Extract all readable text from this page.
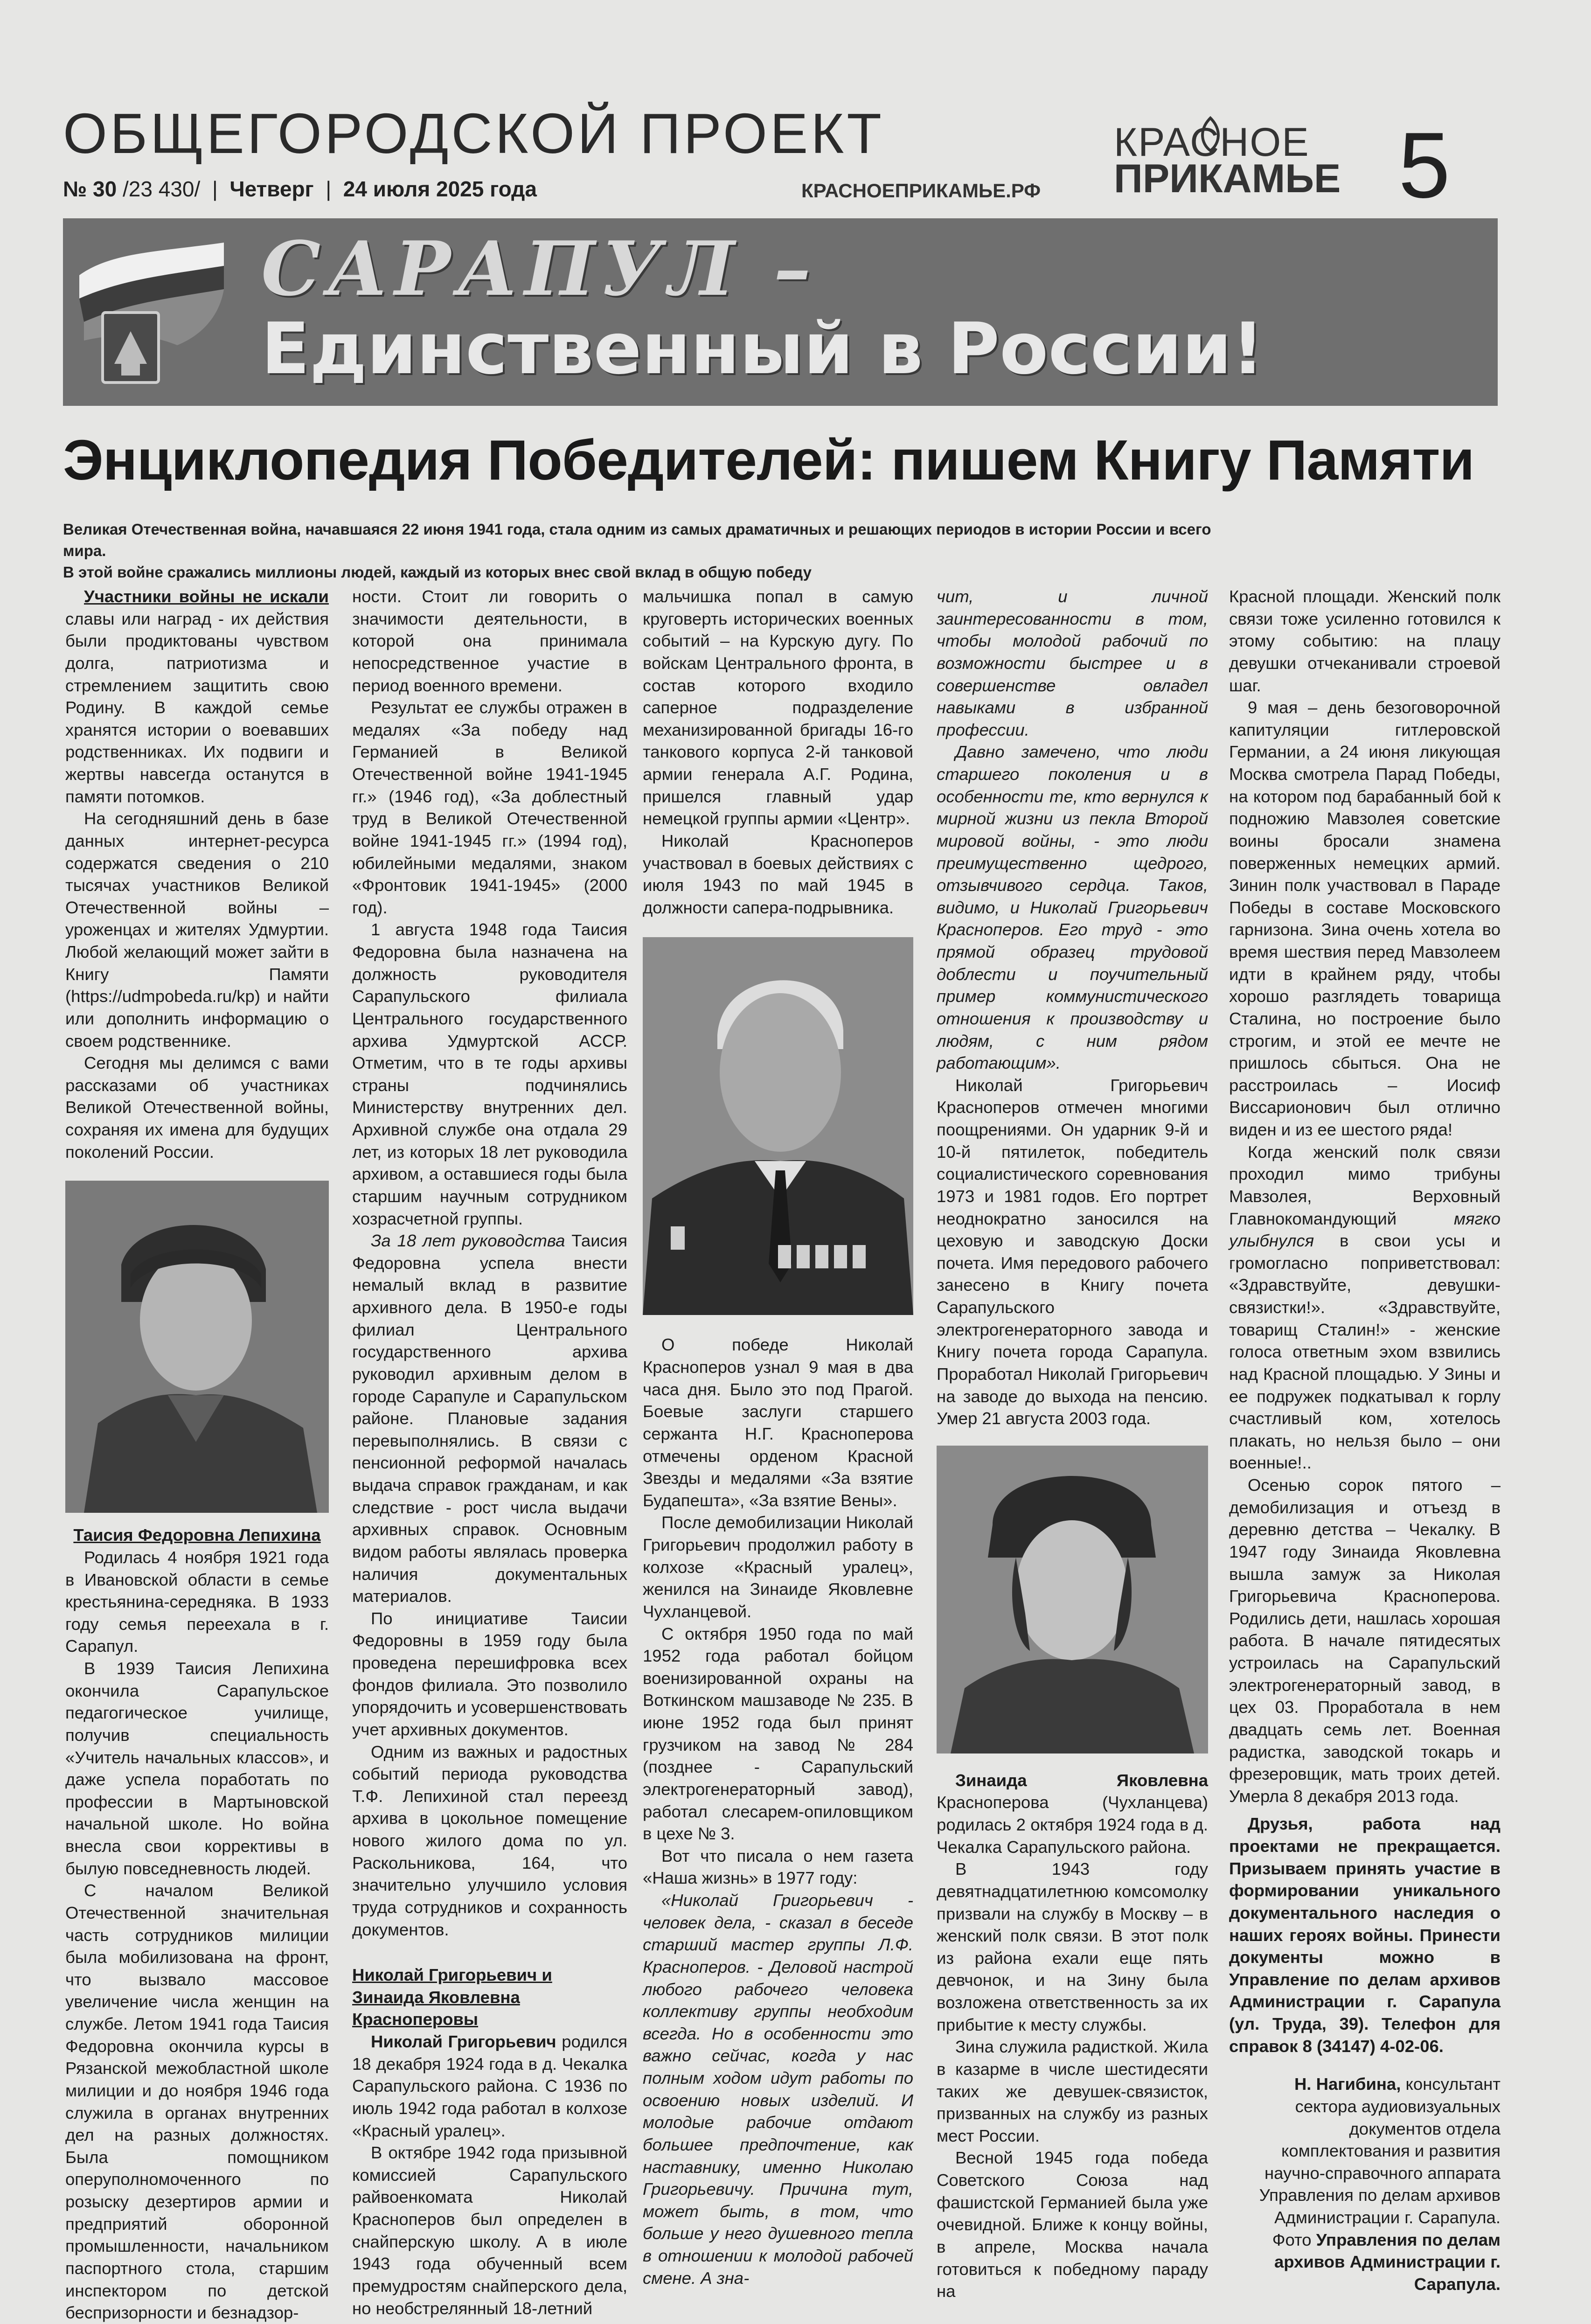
ОБЩЕГОРОДСКОЙ ПРОЕКТ
№ 30 /23 430/ | Четверг | 24 июля 2025 года	КРАСНОЕПРИКАМЬЕ.РФ
КРАСНОЕ
ПРИКАМЬЕ 5
САРАПУЛ –
Единственный в России!
Энциклопедия Победителей: пишем Книгу Памяти
Великая Отечественная война, начавшаяся 22 июня 1941 года, стала одним из самых драматичных и решающих периодов в истории России и всего мира.
В этой войне сражались миллионы людей, каждый из которых внес свой вклад в общую победу

Участники войны не искали славы или наград - их действия были продиктованы чувством долга, патриотизма и стремлением защитить свою Родину. В каждой семье хранятся истории о воевавших родственниках. Их подвиги и жертвы навсегда останутся в памяти потомков.

На сегодняшний день в базе данных интернет-ресурса содержатся сведения о 210 тысячах участников Великой Отечественной войны – уроженцах и жителях Удмуртии. Любой желающий может зайти в Книгу Памяти (https://udmpobeda.ru/kp) и найти или дополнить информацию о своем родственнике.

Сегодня мы делимся с вами рассказами об участниках Великой Отечественной войны, сохраняя их имена для будущих поколений России.

Таисия Федоровна Лепихина

Родилась 4 ноября 1921 года в Ивановской области в семье крестьянина-середняка. В 1933 году семья переехала в г. Сарапул.

В 1939 Таисия Лепихина окончила Сарапульское педагогическое училище, получив специальность «Учитель начальных классов», и даже успела поработать по профессии в Мартыновской начальной школе. Но война внесла свои коррективы в былую повседневность людей.

С началом Великой Отечественной значительная часть сотрудников милиции была мобилизована на фронт, что вызвало массовое увеличение числа женщин на службе. Летом 1941 года Таисия Федоровна окончила курсы в Рязанской межобластной школе милиции и до ноября 1946 года служила в органах внутренних дел на разных должностях. Была помощником оперуполномоченного по розыску дезертиров армии и предприятий оборонной промышленности, начальником паспортного стола, старшим инспектором по детской беспризорности и безнадзор-

ности. Стоит ли говорить о значимости деятельности, в которой она принимала непосредственное участие в период военного времени.

Результат ее службы отражен в медалях «За победу над Германией в Великой Отечественной войне 1941-1945 гг.» (1946 год), «За доблестный труд в Великой Отечественной войне 1941-1945 гг.» (1994 год), юбилейными медалями, знаком «Фронтовик 1941-1945» (2000 год).

1 августа 1948 года Таисия Федоровна была назначена на должность руководителя Сарапульского филиала Центрального государственного архива Удмуртской АССР. Отметим, что в те годы архивы страны подчинялись Министерству внутренних дел. Архивной службе она отдала 29 лет, из которых 18 лет руководила архивом, а оставшиеся годы была старшим научным сотрудником хозрасчетной группы.

За 18 лет руководства Таисия Федоровна успела внести немалый вклад в развитие архивного дела. В 1950-е годы филиал Центрального государственного архива руководил архивным делом в городе Сарапуле и Сарапульском районе. Плановые задания перевыполнялись. В связи с пенсионной реформой началась выдача справок гражданам, и как следствие - рост числа выдачи архивных справок. Основным видом работы являлась проверка наличия документальных материалов.

По инициативе Таисии Федоровны в 1959 году была проведена перешифровка всех фондов филиала. Это позволило упорядочить и усовершенствовать учет архивных документов.

Одним из важных и радостных событий периода руководства Т.Ф. Лепихиной стал переезд архива в цокольное помещение нового жилого дома по ул. Раскольникова, 164, что значительно улучшило условия труда сотрудников и сохранность документов.

Николай Григорьевич и Зинаида Яковлевна Красноперовы

Николай Григорьевич родился 18 декабря 1924 года в д. Чекалка Сарапульского района. С 1936 по июль 1942 года работал в колхозе «Красный уралец».

В октябре 1942 года призывной комиссией Сарапульского райвоенкомата Николай Красноперов был определен в снайперскую школу. А в июле 1943 года обученный всем премудростям снайперского дела, но необстрелянный 18-летний

мальчишка попал в самую круговерть исторических военных событий – на Курскую дугу. По войскам Центрального фронта, в состав которого входило саперное подразделение механизированной бригады 16-го танкового корпуса 2-й танковой армии генерала А.Г. Родина, пришелся главный удар немецкой группы армии «Центр».

Николай Красноперов участвовал в боевых действиях с июля 1943 по май 1945 в должности сапера-подрывника.

О победе Николай Красноперов узнал 9 мая в два часа дня. Было это под Прагой. Боевые заслуги старшего сержанта Н.Г. Красноперова отмечены орденом Красной Звезды и медалями «За взятие Будапешта», «За взятие Вены».

После демобилизации Николай Григорьевич продолжил работу в колхозе «Красный уралец», женился на Зинаиде Яковлевне Чухланцевой.

С октября 1950 года по май 1952 года работал бойцом военизированной охраны на Воткинском машзаводе № 235. В июне 1952 года был принят грузчиком на завод № 284 (позднее - Сарапульский электрогенераторный завод), работал слесарем-опиловщиком в цехе № 3.

Вот что писала о нем газета «Наша жизнь» в 1977 году:

«Николай Григорьевич - человек дела, - сказал в беседе старший мастер группы Л.Ф. Красноперов. - Деловой настрой любого рабочего человека коллективу группы необходим всегда. Но в особенности это важно сейчас, когда у нас полным ходом идут работы по освоению новых изделий. И молодые рабочие отдают большее предпочтение, как наставнику, именно Николаю Григорьевичу. Причина тут, может быть, в том, что больше у него душевного тепла в отношении к молодой рабочей смене. А зна-

чит, и личной заинтересованности в том, чтобы молодой рабочий по возможности быстрее и в совершенстве овладел навыками в избранной профессии.

Давно замечено, что люди старшего поколения и в особенности те, кто вернулся к мирной жизни из пекла Второй мировой войны, - это люди преимущественно щедрого, отзывчивого сердца. Таков, видимо, и Николай Григорьевич Красноперов. Его труд - это прямой образец трудовой доблести и поучительный пример коммунистического отношения к производству и людям, с ним рядом работающим».

Николай Григорьевич Красноперов отмечен многими поощрениями. Он ударник 9-й и 10-й пятилеток, победитель социалистического соревнования 1973 и 1981 годов. Его портрет неоднократно заносился на цеховую и заводскую Доски почета. Имя передового рабочего занесено в Книгу почета Сарапульского электрогенераторного завода и Книгу почета города Сарапула. Проработал Николай Григорьевич на заводе до выхода на пенсию. Умер 21 августа 2003 года.

Зинаида Яковлевна Красноперова (Чухланцева) родилась 2 октября 1924 года в д. Чекалка Сарапульского района.

В 1943 году девятнадцатилетнюю комсомолку призвали на службу в Москву – в женский полк связи. В этот полк из района ехали еще пять девчонок, и на Зину была возложена ответственность за их прибытие к месту службы.

Зина служила радисткой. Жила в казарме в числе шестидесяти таких же девушек-связисток, призванных на службу из разных мест России.

Весной 1945 года победа Советского Союза над фашистской Германией была уже очевидной. Ближе к концу войны, в апреле, Москва начала готовиться к победному параду на

Красной площади. Женский полк связи тоже усиленно готовился к этому событию: на плацу девушки отчеканивали строевой шаг.

9 мая – день безоговорочной капитуляции гитлеровской Германии, а 24 июня ликующая Москва смотрела Парад Победы, на котором под барабанный бой к подножию Мавзолея советские воины бросали знамена поверженных немецких армий. Зинин полк участвовал в Параде Победы в составе Московского гарнизона. Зина очень хотела во время шествия перед Мавзолеем идти в крайнем ряду, чтобы хорошо разглядеть товарища Сталина, но построение было строгим, и этой ее мечте не пришлось сбыться. Она не расстроилась – Иосиф Виссарионович был отлично виден и из ее шестого ряда!

Когда женский полк связи проходил мимо трибуны Мавзолея, Верховный Главнокомандующий мягко улыбнулся в свои усы и громогласно поприветствовал: «Здравствуйте, девушки-связистки!». «Здравствуйте, товарищ Сталин!» - женские голоса ответным эхом взвились над Красной площадью. У Зины и ее подружек подкатывал к горлу счастливый ком, хотелось плакать, но нельзя было – они военные!..

Осенью сорок пятого – демобилизация и отъезд в деревню детства – Чекалку. В 1947 году Зинаида Яковлевна вышла замуж за Николая Григорьевича Красноперова. Родились дети, нашлась хорошая работа. В начале пятидесятых устроилась на Сарапульский электрогенераторный завод, в цех 03. Проработала в нем двадцать семь лет. Военная радистка, заводской токарь и фрезеровщик, мать троих детей. Умерла 8 декабря 2013 года.

Друзья, работа над проектами не прекращается. Призываем принять участие в формировании уникального документального наследия о наших героях войны. Принести документы можно в Управление по делам архивов Администрации г. Сарапула (ул. Труда, 39). Телефон для справок 8 (34147) 4-02-06.

Н. Нагибина, консультант сектора аудиовизуальных документов отдела комплектования и развития научно-справочного аппарата Управления по делам архивов Администрации г. Сарапула.

Фото Управления по делам архивов Администрации г. Сарапула.
